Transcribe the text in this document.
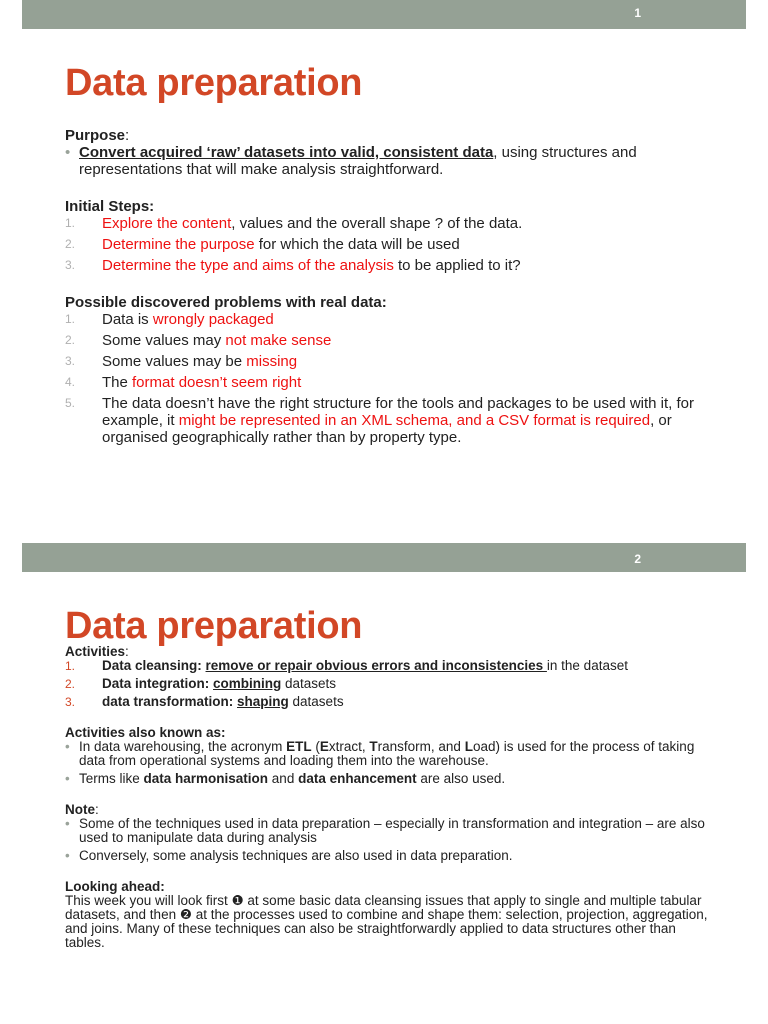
1
Data preparation
Purpose:
• Convert acquired ‘raw’ datasets into valid, consistent data, using structures and representations that will make analysis straightforward.
Initial Steps:
1. Explore the content, values and the overall shape ? of the data.
2. Determine the purpose for which the data will be used
3. Determine the type and aims of the analysis to be applied to it?
Possible discovered problems with real data:
1. Data is wrongly packaged
2. Some values may not make sense
3. Some values may be missing
4. The format doesn’t seem right
5. The data doesn’t have the right structure for the tools and packages to be used with it, for example, it might be represented in an XML schema, and a CSV format is required, or organised geographically rather than by property type.
2
Data preparation
Activities:
1. Data cleansing: remove or repair obvious errors and inconsistencies in the dataset
2. Data integration: combining datasets
3. data transformation: shaping datasets
Activities also known as:
• In data warehousing, the acronym ETL (Extract, Transform, and Load) is used for the process of taking data from operational systems and loading them into the warehouse.
• Terms like data harmonisation and data enhancement are also used.
Note:
• Some of the techniques used in data preparation – especially in transformation and integration – are also used to manipulate data during analysis
• Conversely, some analysis techniques are also used in data preparation.
Looking ahead:
This week you will look first ❶ at some basic data cleansing issues that apply to single and multiple tabular datasets, and then ❷ at the processes used to combine and shape them: selection, projection, aggregation, and joins. Many of these techniques can also be straightforwardly applied to data structures other than tables.
